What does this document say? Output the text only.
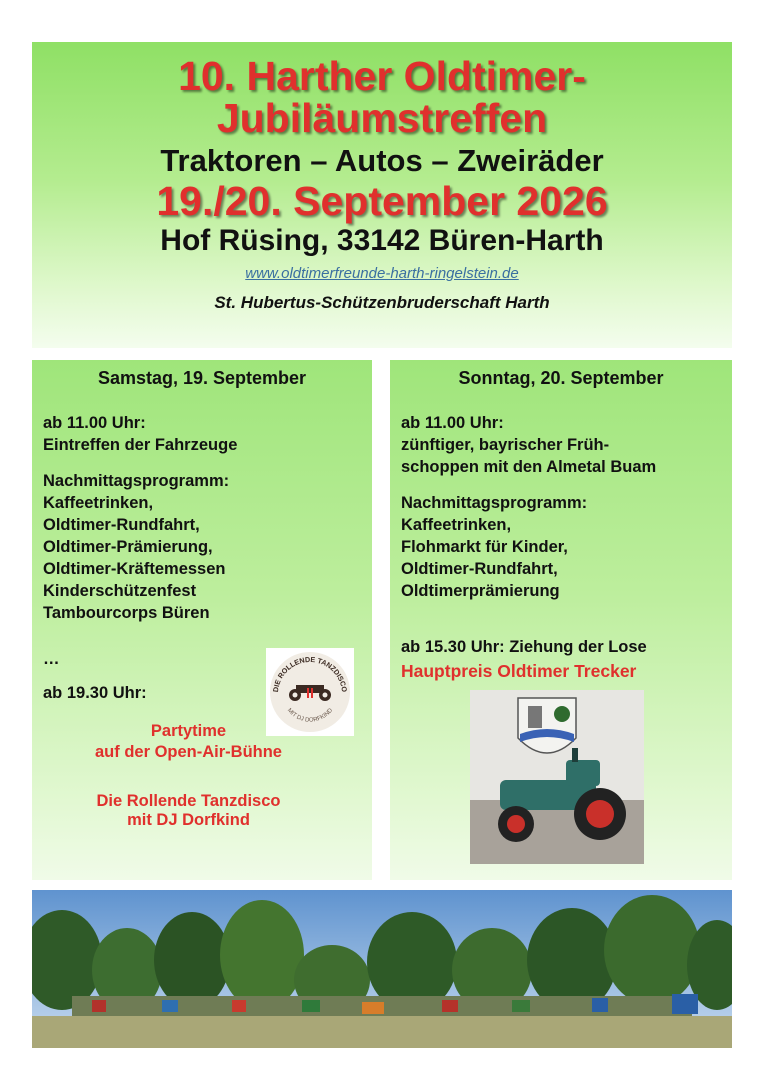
10. Harther Oldtimer-
Jubiläumstreffen
Traktoren – Autos – Zweiräder
19./20. September 2026
Hof Rüsing, 33142 Büren-Harth
www.oldtimerfreunde-harth-ringelstein.de
St. Hubertus-Schützenbruderschaft Harth
Samstag, 19. September
ab 11.00 Uhr:
Eintreffen der Fahrzeuge
Nachmittagsprogramm:
Kaffeetrinken,
Oldtimer-Rundfahrt,
Oldtimer-Prämierung,
Oldtimer-Kräftemessen
Kinderschützenfest
Tambourcorps Büren
…
ab 19.30 Uhr:	DIE ROLLENDE TANZDISCO
MIT DJ DORFKIND
Partytime
auf der Open-Air-Bühne
Die Rollende Tanzdisco
mit DJ Dorfkind
Sonntag, 20. September
ab 11.00 Uhr:
zünftiger, bayrischer Früh-
schoppen mit den Almetal Buam
Nachmittagsprogramm:
Kaffeetrinken,
Flohmarkt für Kinder,
Oldtimer-Rundfahrt,
Oldtimerprämierung
ab 15.30 Uhr: Ziehung der Lose
Hauptpreis Oldtimer Trecker
